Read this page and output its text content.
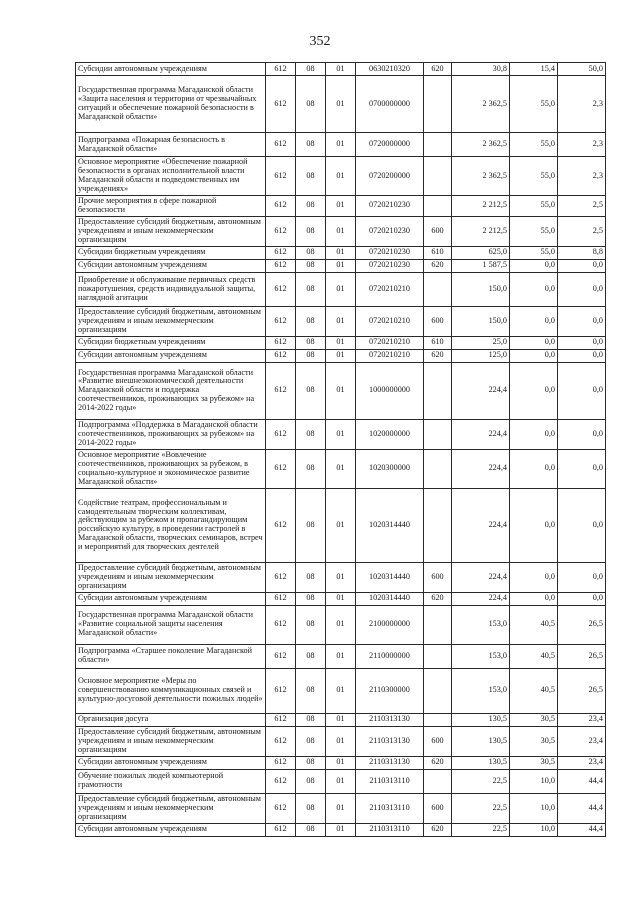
352
Субсидии автономным учреждениям	612	08	01	0630210320	620	30,8	15,4	50,0
Государственная программа Магаданской области «Защита населения и территории от чрезвычайных ситуаций и обеспечение пожарной безопасности в Магаданской области»	612	08	01	0700000000		2 362,5	55,0	2,3
Подпрограмма «Пожарная безопасность в Магаданской области»	612	08	01	0720000000		2 362,5	55,0	2,3
Основное мероприятие «Обеспечение пожарной безопасности в органах исполнительной власти Магаданской области и подведомственных им учреждениях»	612	08	01	0720200000		2 362,5	55,0	2,3
Прочие мероприятия в сфере пожарной безопасности	612	08	01	0720210230		2 212,5	55,0	2,5
Предоставление субсидий бюджетным, автономным учреждениям и иным некоммерческим организациям	612	08	01	0720210230	600	2 212,5	55,0	2,5
Субсидии бюджетным учреждениям	612	08	01	0720210230	610	625,0	55,0	8,8
Субсидии автономным учреждениям	612	08	01	0720210230	620	1 587,5	0,0	0,0
Приобретение и обслуживание первичных средств пожаротушения, средств индивидуальной защиты, наглядной агитации	612	08	01	0720210210		150,0	0,0	0,0
Предоставление субсидий бюджетным, автономным учреждениям и иным некоммерческим организациям	612	08	01	0720210210	600	150,0	0,0	0,0
Субсидии бюджетным учреждениям	612	08	01	0720210210	610	25,0	0,0	0,0
Субсидии автономным учреждениям	612	08	01	0720210210	620	125,0	0,0	0,0
Государственная программа Магаданской области «Развитие внешнеэкономической деятельности Магаданской области и поддержка соотечественников, проживающих за рубежом» на 2014-2022 годы»	612	08	01	1000000000		224,4	0,0	0,0
Подпрограмма «Поддержка в Магаданской области соотечественников, проживающих за рубежом» на 2014-2022 годы»	612	08	01	1020000000		224,4	0,0	0,0
Основное мероприятие «Вовлечение соотечественников, проживающих за рубежом, в социально-культурное и экономическое развитие Магаданской области»	612	08	01	1020300000		224,4	0,0	0,0
Содействие театрам, профессиональным и самодеятельным творческим коллективам, действующим за рубежом и пропагандирующим российскую культуру, в проведении гастролей в Магаданской области, творческих семинаров, встреч и мероприятий для творческих деятелей	612	08	01	1020314440		224,4	0,0	0,0
Предоставление субсидий бюджетным, автономным учреждениям и иным некоммерческим организациям	612	08	01	1020314440	600	224,4	0,0	0,0
Субсидии автономным учреждениям	612	08	01	1020314440	620	224,4	0,0	0,0
Государственная программа Магаданской области «Развитие социальной защиты населения Магаданской области»	612	08	01	2100000000		153,0	40,5	26,5
Подпрограмма «Старшее поколение Магаданской области»	612	08	01	2110000000		153,0	40,5	26,5
Основное мероприятие «Меры по совершенствованию коммуникационных связей и культурно-досуговой деятельности пожилых людей»	612	08	01	2110300000		153,0	40,5	26,5
Организация досуга	612	08	01	2110313130		130,5	30,5	23,4
Предоставление субсидий бюджетным, автономным учреждениям и иным некоммерческим организациям	612	08	01	2110313130	600	130,5	30,5	23,4
Субсидии автономным учреждениям	612	08	01	2110313130	620	130,5	30,5	23,4
Обучение пожилых людей компьютерной грамотности	612	08	01	2110313110		22,5	10,0	44,4
Предоставление субсидий бюджетным, автономным учреждениям и иным некоммерческим организациям	612	08	01	2110313110	600	22,5	10,0	44,4
Субсидии автономным учреждениям	612	08	01	2110313110	620	22,5	10,0	44,4
